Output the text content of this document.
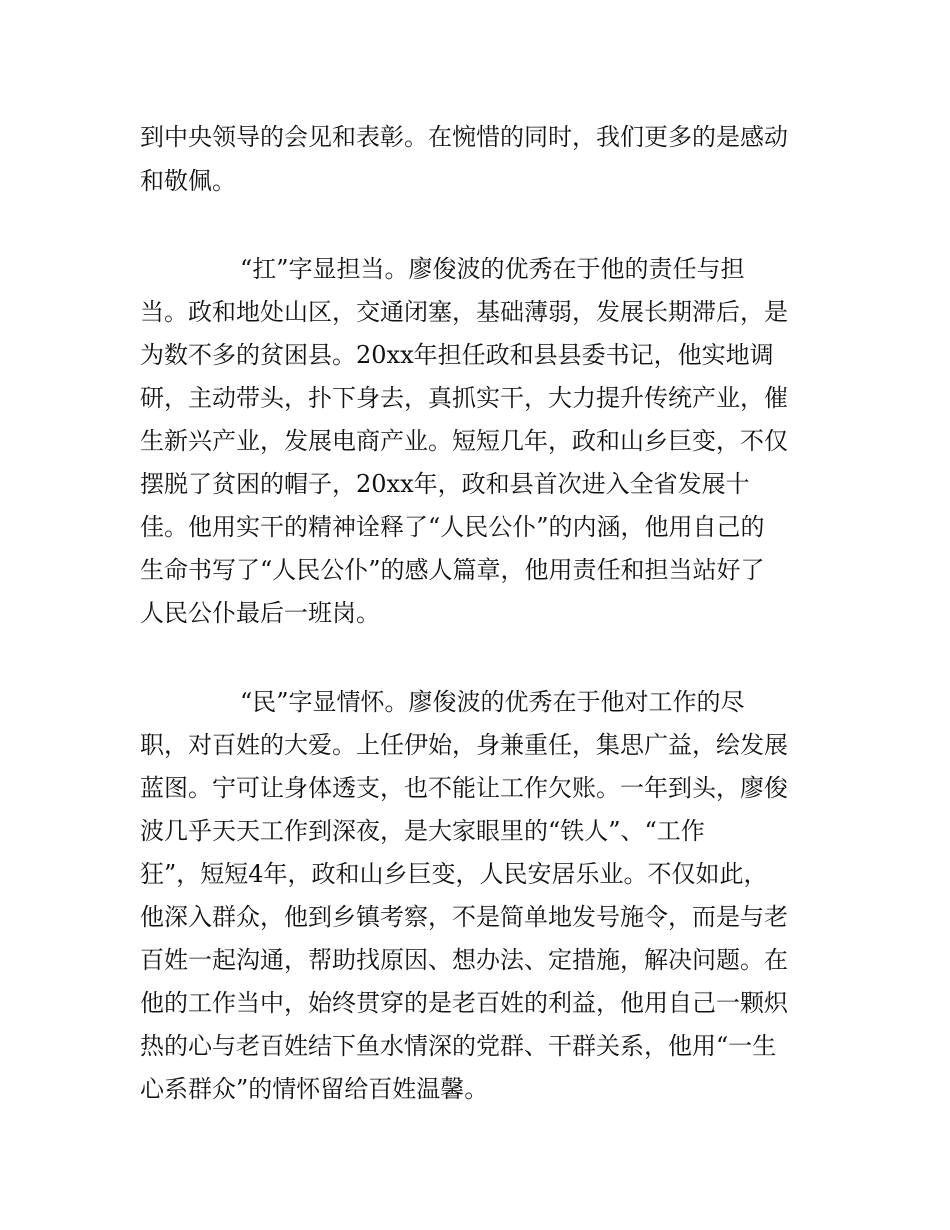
到中央领导的会见和表彰。在惋惜的同时，我们更多的是感动

和敬佩。

“扛”字显担当。廖俊波的优秀在于他的责任与担

当。政和地处山区，交通闭塞，基础薄弱，发展长期滞后，是

为数不多的贫困县。20xx年担任政和县县委书记，他实地调

研，主动带头，扑下身去，真抓实干，大力提升传统产业，催

生新兴产业，发展电商产业。短短几年，政和山乡巨变，不仅

摆脱了贫困的帽子，20xx年，政和县首次进入全省发展十

佳。他用实干的精神诠释了“人民公仆”的内涵，他用自己的

生命书写了“人民公仆”的感人篇章，他用责任和担当站好了

人民公仆最后一班岗。

“民”字显情怀。廖俊波的优秀在于他对工作的尽

职，对百姓的大爱。上任伊始，身兼重任，集思广益，绘发展

蓝图。宁可让身体透支，也不能让工作欠账。一年到头，廖俊

波几乎天天工作到深夜，是大家眼里的“铁人”、“工作

狂”，短短4年，政和山乡巨变，人民安居乐业。不仅如此，

他深入群众，他到乡镇考察，不是简单地发号施令，而是与老

百姓一起沟通，帮助找原因、想办法、定措施，解决问题。在

他的工作当中，始终贯穿的是老百姓的利益，他用自己一颗炽

热的心与老百姓结下鱼水情深的党群、干群关系，他用“一生

心系群众”的情怀留给百姓温馨。
